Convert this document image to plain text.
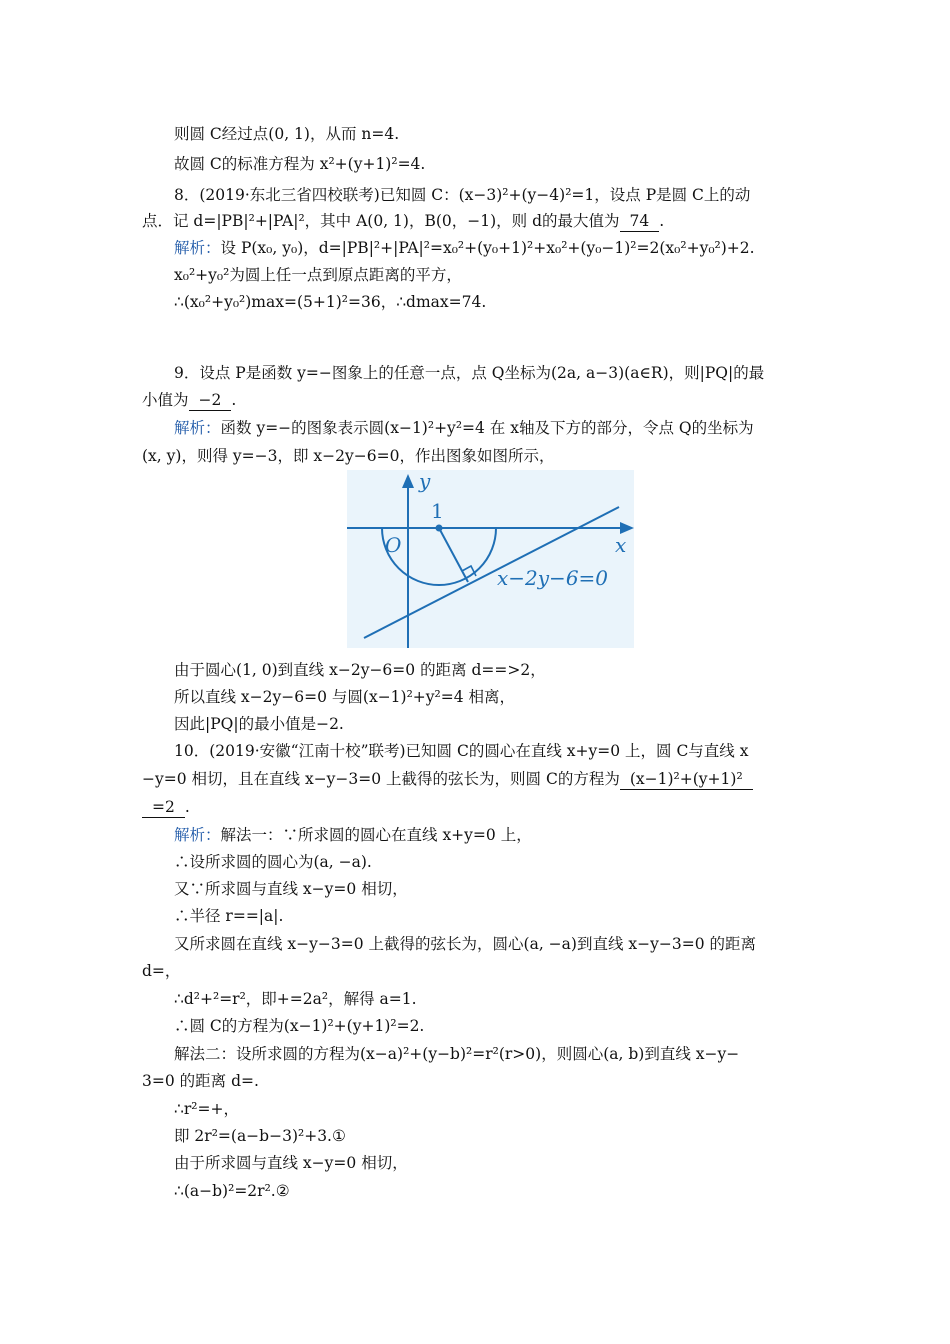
则圆 C经过点(0, 1)，从而 n=4.
故圆 C的标准方程为 x²+(y+1)²=4.
8．(2019·东北三省四校联考)已知圆 C：(x−3)²+(y−4)²=1，设点 P是圆 C上的动
点．记 d=|PB|²+|PA|²，其中 A(0, 1)，B(0，−1)，则 d的最大值为 74 .
解析：设 P(x₀, y₀)，d=|PB|²+|PA|²=x₀²+(y₀+1)²+x₀²+(y₀−1)²=2(x₀²+y₀²)+2.
x₀²+y₀²为圆上任一点到原点距离的平方，
∴(x₀²+y₀²)max=(5+1)²=36，∴dmax=74.
9．设点 P是函数 y=−图象上的任意一点，点 Q坐标为(2a, a−3)(a∈R)，则|PQ|的最
小值为 −2 .
解析：函数 y=−的图象表示圆(x−1)²+y²=4 在 x轴及下方的部分，令点 Q的坐标为
(x, y)，则得 y=−3，即 x−2y−6=0，作出图象如图所示，
由于圆心(1, 0)到直线 x−2y−6=0 的距离 d==>2，
所以直线 x−2y−6=0 与圆(x−1)²+y²=4 相离，
因此|PQ|的最小值是−2.
10．(2019·安徽“江南十校”联考)已知圆 C的圆心在直线 x+y=0 上，圆 C与直线 x
−y=0 相切，且在直线 x−y−3=0 上截得的弦长为，则圆 C的方程为 (x−1)²+(y+1)²
=2 .
解析：解法一：∵所求圆的圆心在直线 x+y=0 上，
∴设所求圆的圆心为(a, −a).
又∵所求圆与直线 x−y=0 相切，
∴半径 r==|a|.
又所求圆在直线 x−y−3=0 上截得的弦长为，圆心(a, −a)到直线 x−y−3=0 的距离
d=，
∴d²+²=r²，即+=2a²，解得 a=1.
∴圆 C的方程为(x−1)²+(y+1)²=2.
解法二：设所求圆的方程为(x−a)²+(y−b)²=r²(r>0)，则圆心(a, b)到直线 x−y−
3=0 的距离 d=.
∴r²=+，
即 2r²=(a−b−3)²+3.①
由于所求圆与直线 x−y=0 相切，
∴(a−b)²=2r².②
y
x
O
1
x−2y−6=0
